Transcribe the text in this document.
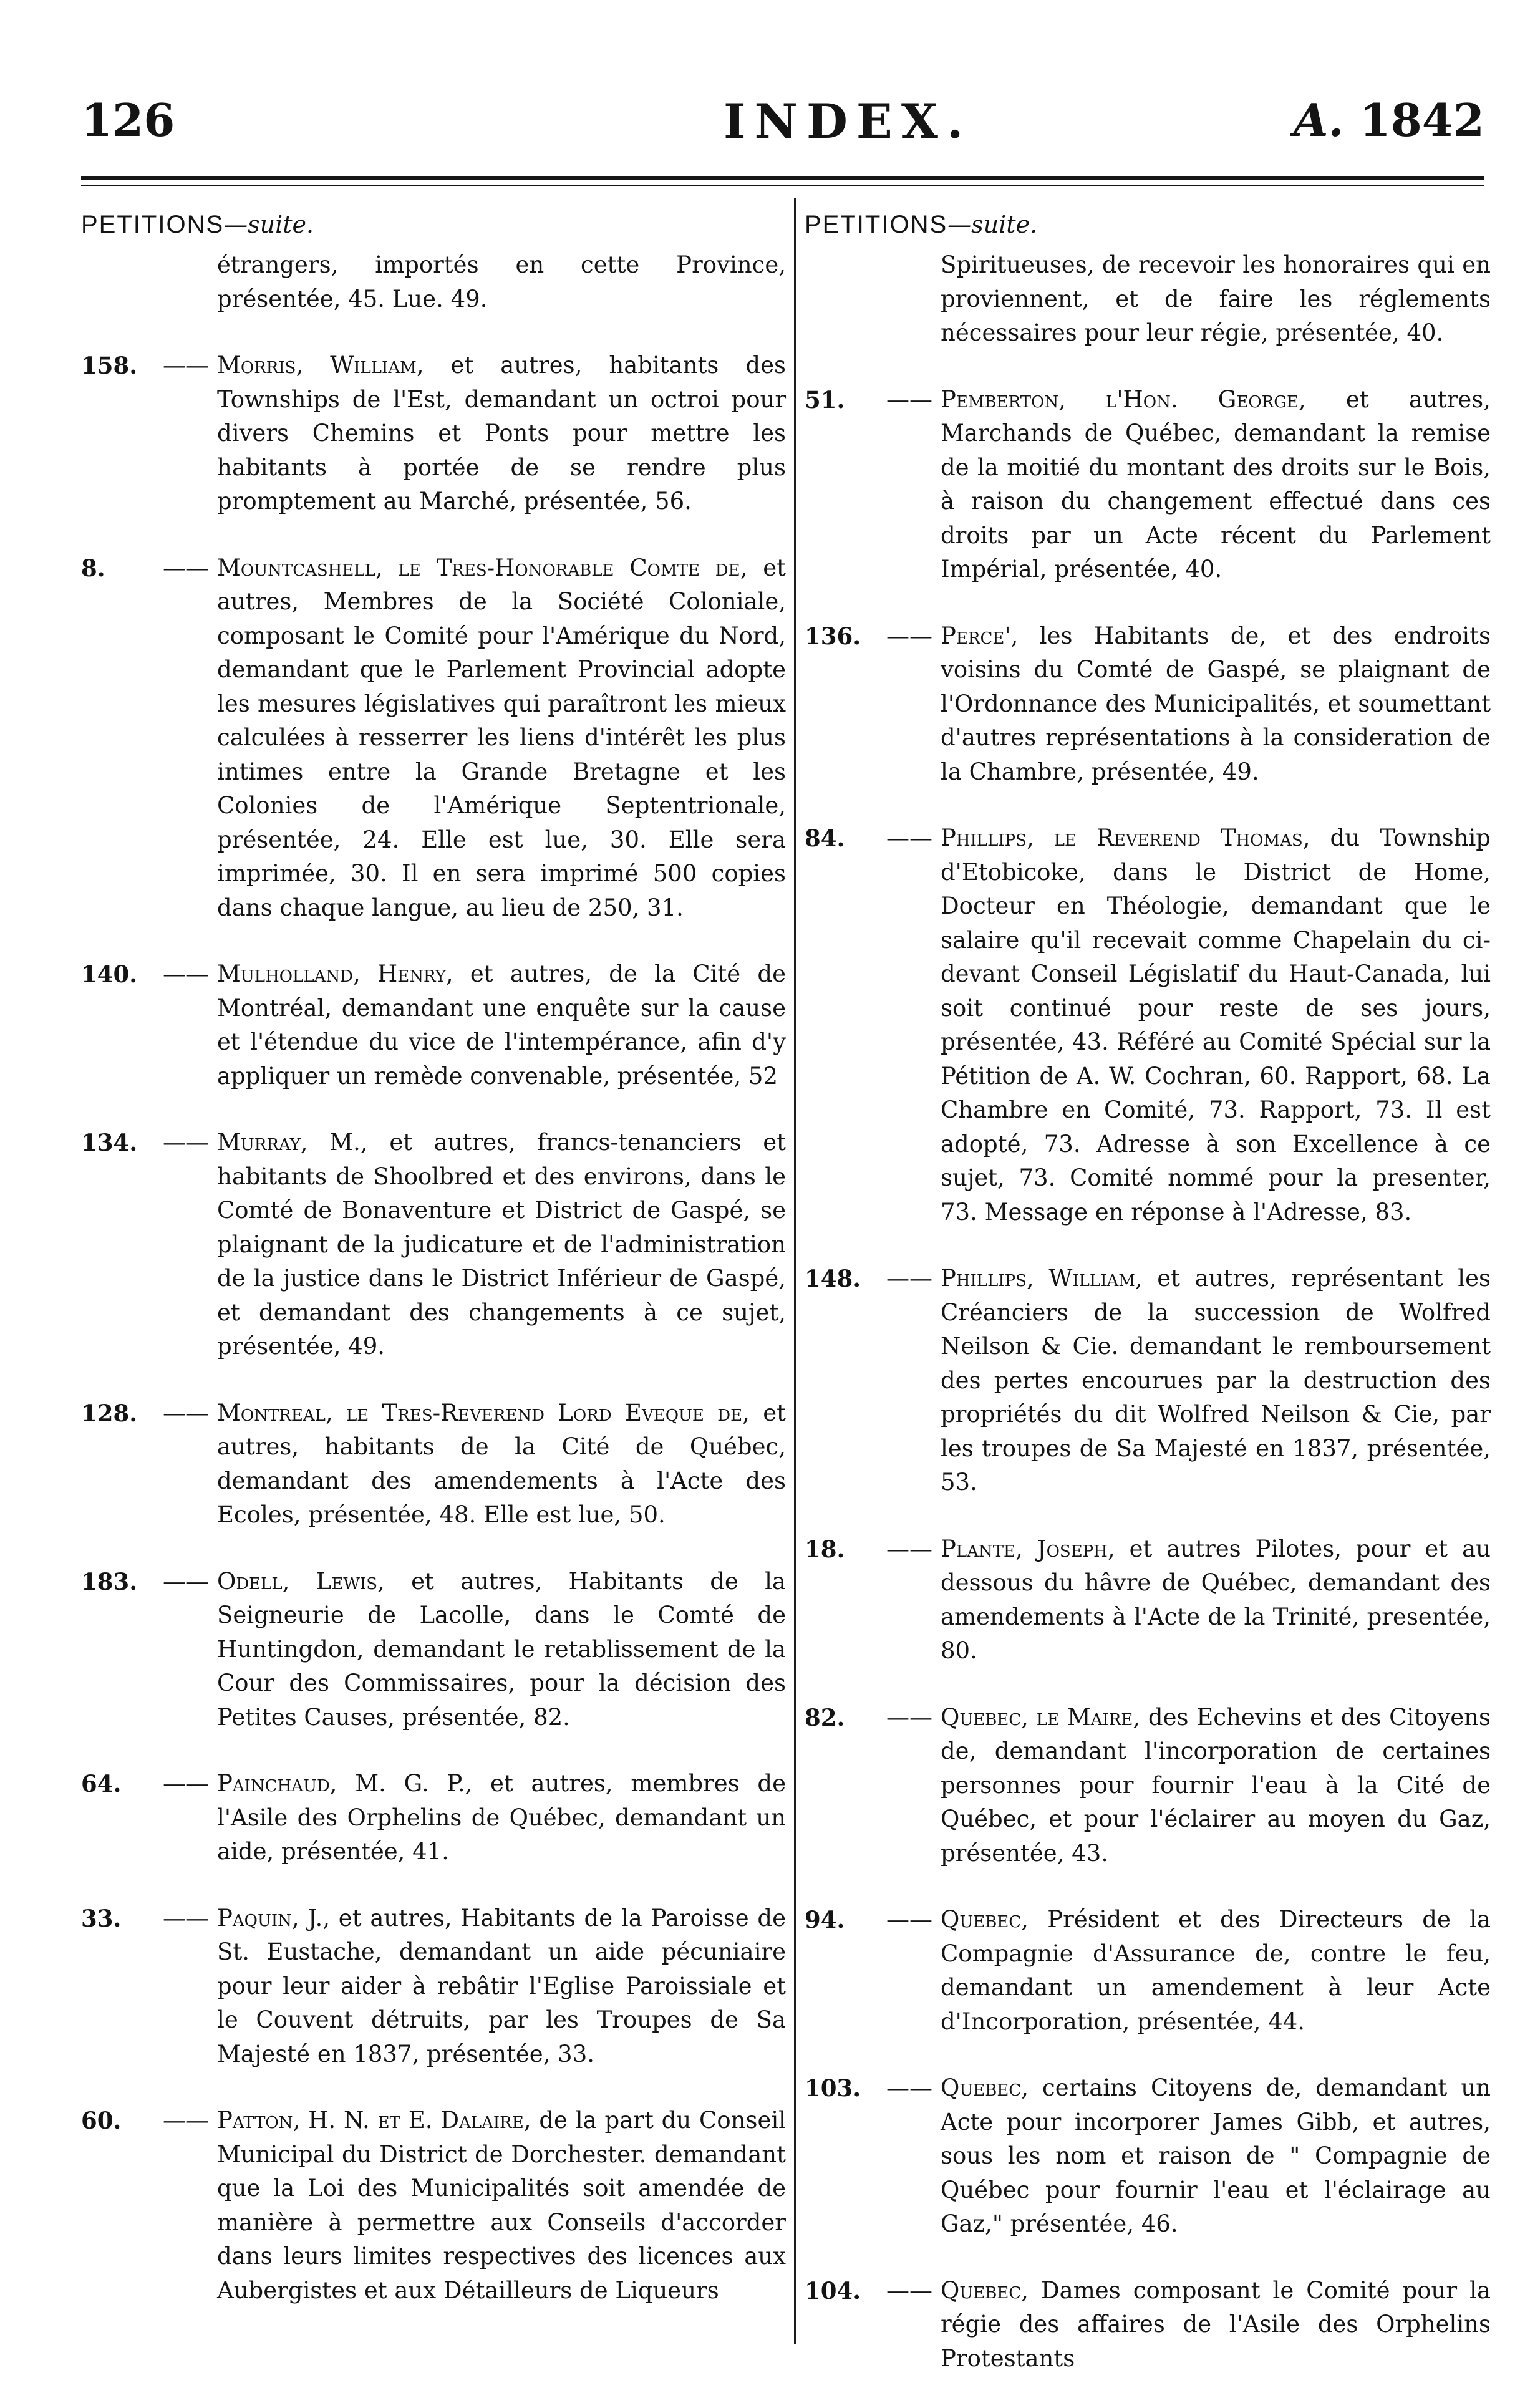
126	INDEX.	A. 1842
PETITIONS—suite.
étrangers, importés en cette Province, présentée, 45. Lue. 49.
158.	—— Morris, William, et autres, habitants des Townships de l'Est, demandant un octroi pour divers Chemins et Ponts pour mettre les habitants à portée de se rendre plus promptement au Marché, présentée, 56.
8.	—— Mountcashell, le Tres-Honorable Comte de, et autres, Membres de la Société Coloniale, composant le Comité pour l'Amérique du Nord, demandant que le Parlement Provincial adopte les mesures législatives qui paraîtront les mieux calculées à resserrer les liens d'intérêt les plus intimes entre la Grande Bretagne et les Colonies de l'Amérique Septentrionale, présentée, 24. Elle est lue, 30. Elle sera imprimée, 30. Il en sera imprimé 500 copies dans chaque langue, au lieu de 250, 31.
140.	—— Mulholland, Henry, et autres, de la Cité de Montréal, demandant une enquête sur la cause et l'étendue du vice de l'intempérance, afin d'y appliquer un remède convenable, présentée, 52
134.	—— Murray, M., et autres, francs-tenanciers et habitants de Shoolbred et des environs, dans le Comté de Bonaventure et District de Gaspé, se plaignant de la judicature et de l'administration de la justice dans le District Inférieur de Gaspé, et demandant des changements à ce sujet, présentée, 49.
128.	—— Montreal, le Tres-Reverend Lord Eveque de, et autres, habitants de la Cité de Québec, demandant des amendements à l'Acte des Ecoles, présentée, 48. Elle est lue, 50.
183.	—— Odell, Lewis, et autres, Habitants de la Seigneurie de Lacolle, dans le Comté de Huntingdon, demandant le retablissement de la Cour des Commissaires, pour la décision des Petites Causes, présentée, 82.
64.	—— Painchaud, M. G. P., et autres, membres de l'Asile des Orphelins de Québec, demandant un aide, présentée, 41.
33.	—— Paquin, J., et autres, Habitants de la Paroisse de St. Eustache, demandant un aide pécuniaire pour leur aider à rebâtir l'Eglise Paroissiale et le Couvent détruits, par les Troupes de Sa Majesté en 1837, présentée, 33.
60.	—— Patton, H. N. et E. Dalaire, de la part du Conseil Municipal du District de Dorchester. demandant que la Loi des Municipalités soit amendée de manière à permettre aux Conseils d'accorder dans leurs limites respectives des licences aux Aubergistes et aux Détailleurs de Liqueurs
PETITIONS—suite.
Spiritueuses, de recevoir les honoraires qui en proviennent, et de faire les réglements nécessaires pour leur régie, présentée, 40.
51.	—— Pemberton, l'Hon. George, et autres, Marchands de Québec, demandant la remise de la moitié du montant des droits sur le Bois, à raison du changement effectué dans ces droits par un Acte récent du Parlement Impérial, présentée, 40.
136.	—— Perce', les Habitants de, et des endroits voisins du Comté de Gaspé, se plaignant de l'Ordonnance des Municipalités, et soumettant d'autres représentations à la consideration de la Chambre, présentée, 49.
84.	—— Phillips, le Reverend Thomas, du Township d'Etobicoke, dans le District de Home, Docteur en Théologie, demandant que le salaire qu'il recevait comme Chapelain du ci-devant Conseil Législatif du Haut-Canada, lui soit continué pour reste de ses jours, présentée, 43. Référé au Comité Spécial sur la Pétition de A. W. Cochran, 60. Rapport, 68. La Chambre en Comité, 73. Rapport, 73. Il est adopté, 73. Adresse à son Excellence à ce sujet, 73. Comité nommé pour la presenter, 73. Message en réponse à l'Adresse, 83.
148.	—— Phillips, William, et autres, représentant les Créanciers de la succession de Wolfred Neilson & Cie. demandant le remboursement des pertes encourues par la destruction des propriétés du dit Wolfred Neilson & Cie, par les troupes de Sa Majesté en 1837, présentée, 53.
18.	—— Plante, Joseph, et autres Pilotes, pour et au dessous du hâvre de Québec, demandant des amendements à l'Acte de la Trinité, presentée, 80.
82.	—— Quebec, le Maire, des Echevins et des Citoyens de, demandant l'incorporation de certaines personnes pour fournir l'eau à la Cité de Québec, et pour l'éclairer au moyen du Gaz, présentée, 43.
94.	—— Quebec, Président et des Directeurs de la Compagnie d'Assurance de, contre le feu, demandant un amendement à leur Acte d'Incorporation, présentée, 44.
103.	—— Quebec, certains Citoyens de, demandant un Acte pour incorporer James Gibb, et autres, sous les nom et raison de " Compagnie de Québec pour fournir l'eau et l'éclairage au Gaz," présentée, 46.
104.	—— Quebec, Dames composant le Comité pour la régie des affaires de l'Asile des Orphelins Protestants
